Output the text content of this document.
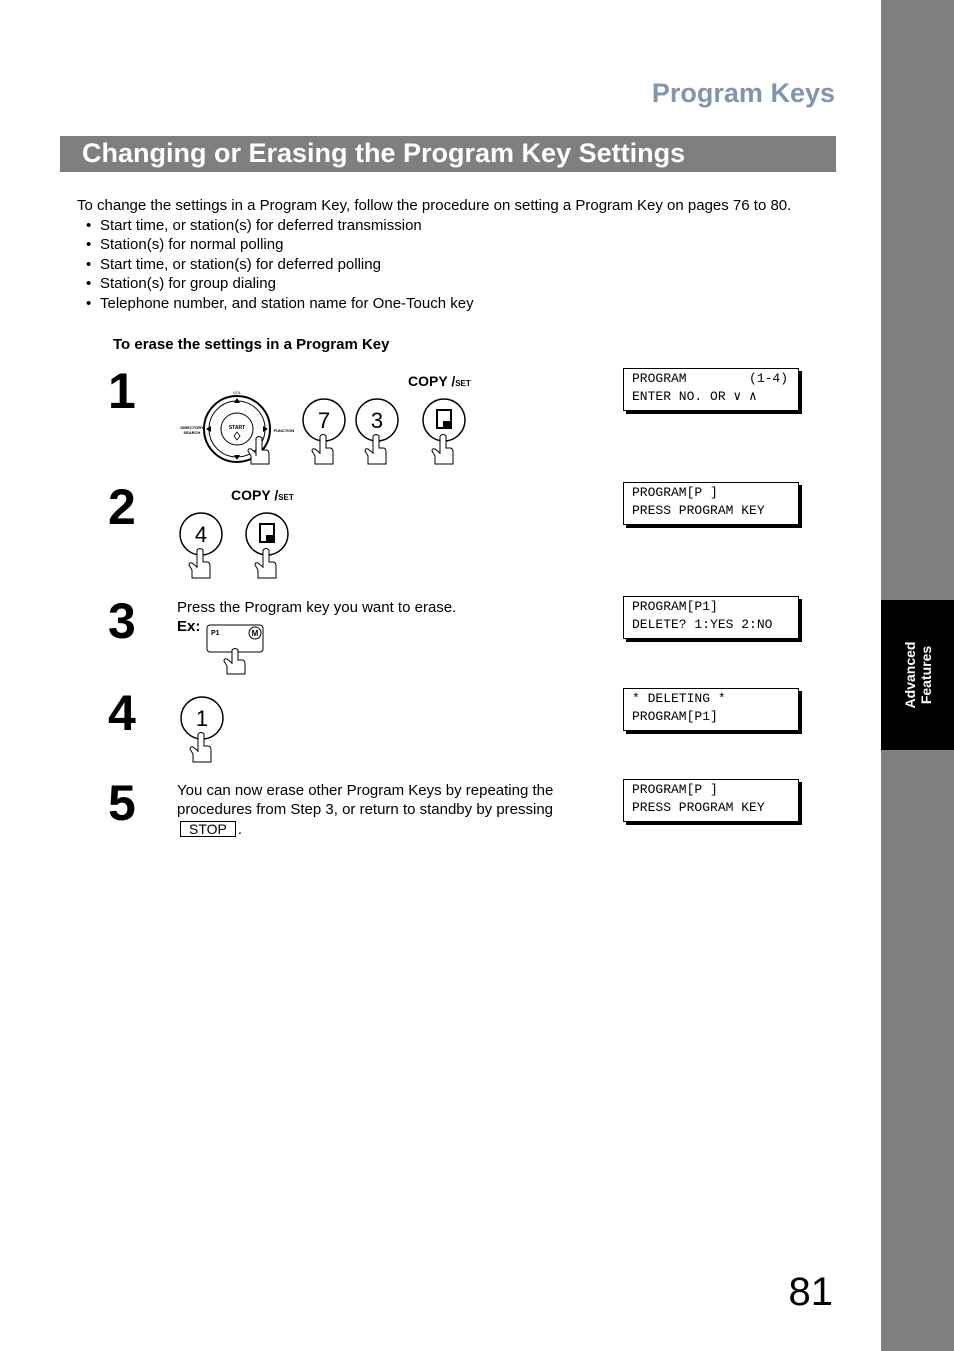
Advanced Features
Program Keys
Changing or Erasing the Program Key Settings
To change the settings in a Program Key, follow the procedure on setting a Program Key on pages 76 to 80.
• Start time, or station(s) for deferred transmission
• Station(s) for normal polling
• Start time, or station(s) for deferred polling
• Station(s) for group dialing
• Telephone number, and station name for One-Touch key
To erase the settings in a Program Key
1
START
VOL
DIRECTORY
SEARCH	FUNCTION 7 3
COPY /SET	PROGRAM        (1-4)
ENTER NO. OR ∨ ∧
2	COPY /SET
4
PROGRAM[P ]
PRESS PROGRAM KEY
3	Press the Program key you want to erase.
Ex:	P1	M
PROGRAM[P1]
DELETE? 1:YES 2:NO
4	1
* DELETING *
PROGRAM[P1]
5	You can now erase other Program Keys by repeating the procedures from Step 3, or return to standby by pressing
STOP .
PROGRAM[P ]
PRESS PROGRAM KEY
81
